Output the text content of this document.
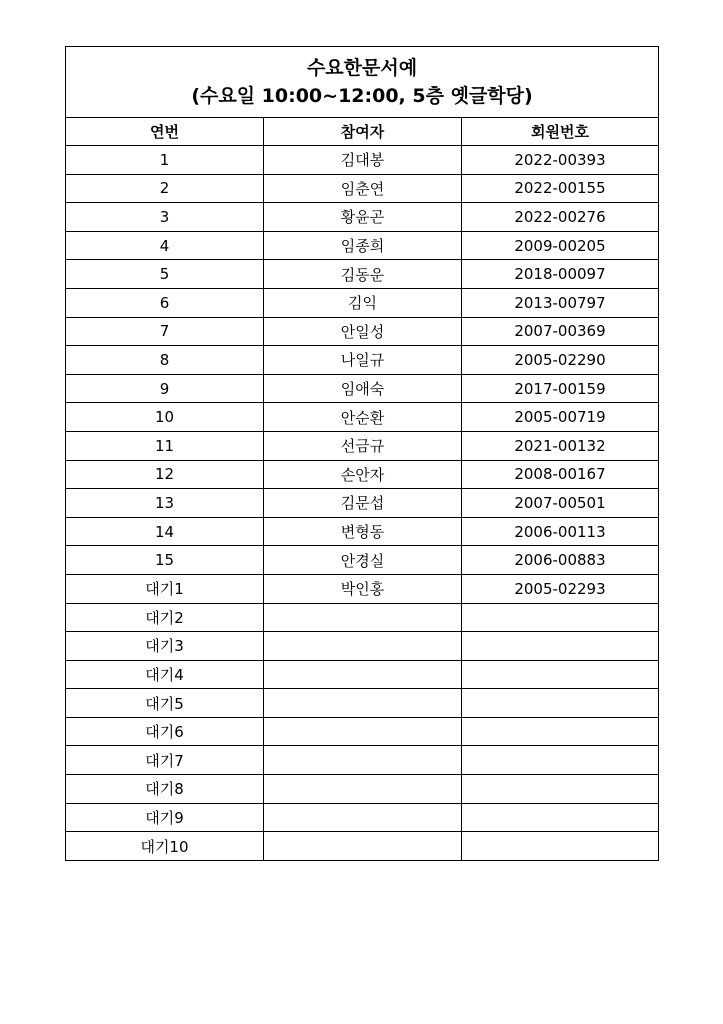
수요한문서예
(수요일 10:00~12:00, 5층 옛글학당)		

연번	참여자	회원번호
1	김대봉	2022-00393
2	임춘연	2022-00155
3	황윤곤	2022-00276
4	임종희	2009-00205
5	김동운	2018-00097
6	김익	2013-00797
7	안일성	2007-00369
8	나일규	2005-02290
9	임애숙	2017-00159
10	안순환	2005-00719
11	선금규	2021-00132
12	손안자	2008-00167
13	김문섭	2007-00501
14	변형동	2006-00113
15	안경실	2006-00883
대기1	박인홍	2005-02293
대기2		
대기3		
대기4		
대기5		
대기6		
대기7		
대기8		
대기9		
대기10		
